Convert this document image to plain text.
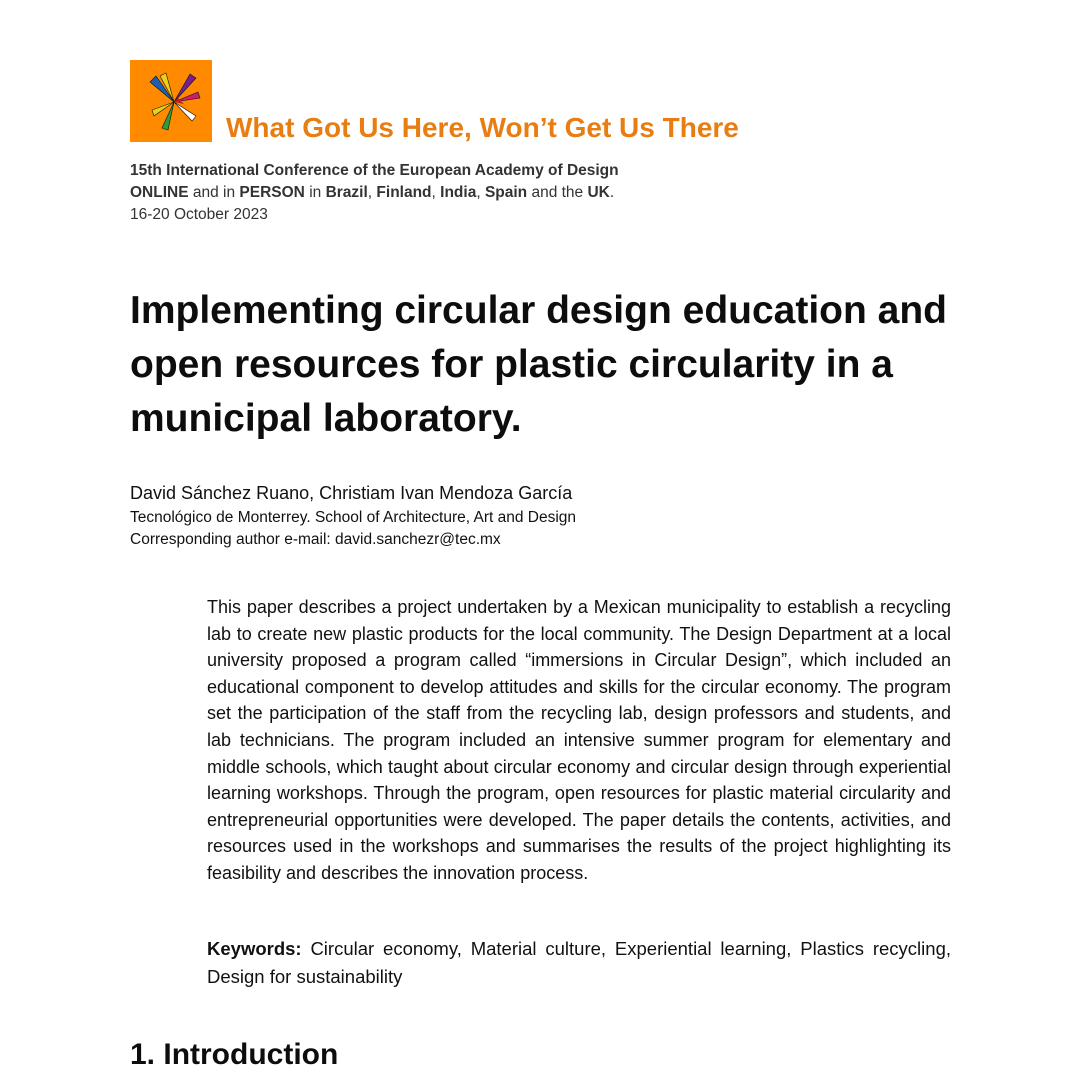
What Got Us Here, Won’t Get Us There
15th International Conference of the European Academy of Design
ONLINE and in PERSON in Brazil, Finland, India, Spain and the UK.
16-20 October 2023
Implementing circular design education and open resources for plastic circularity in a municipal laboratory.
David Sánchez Ruano, Christiam Ivan Mendoza García
Tecnológico de Monterrey. School of Architecture, Art and Design
Corresponding author e-mail: david.sanchezr@tec.mx

This paper describes a project undertaken by a Mexican municipality to establish a recycling lab to create new plastic products for the local community. The Design Department at a local university proposed a program called “immersions in Circular Design”, which included an educational component to develop attitudes and skills for the circular economy. The program set the participation of the staff from the recycling lab, design professors and students, and lab technicians. The program included an intensive summer program for elementary and middle schools, which taught about circular economy and circular design through experiential learning workshops. Through the program, open resources for plastic material circularity and entrepreneurial opportunities were developed. The paper details the contents, activities, and resources used in the workshops and summarises the results of the project highlighting its feasibility and describes the innovation process.

Keywords: Circular economy, Material culture, Experiential learning, Plastics recycling, Design for sustainability

1. Introduction
